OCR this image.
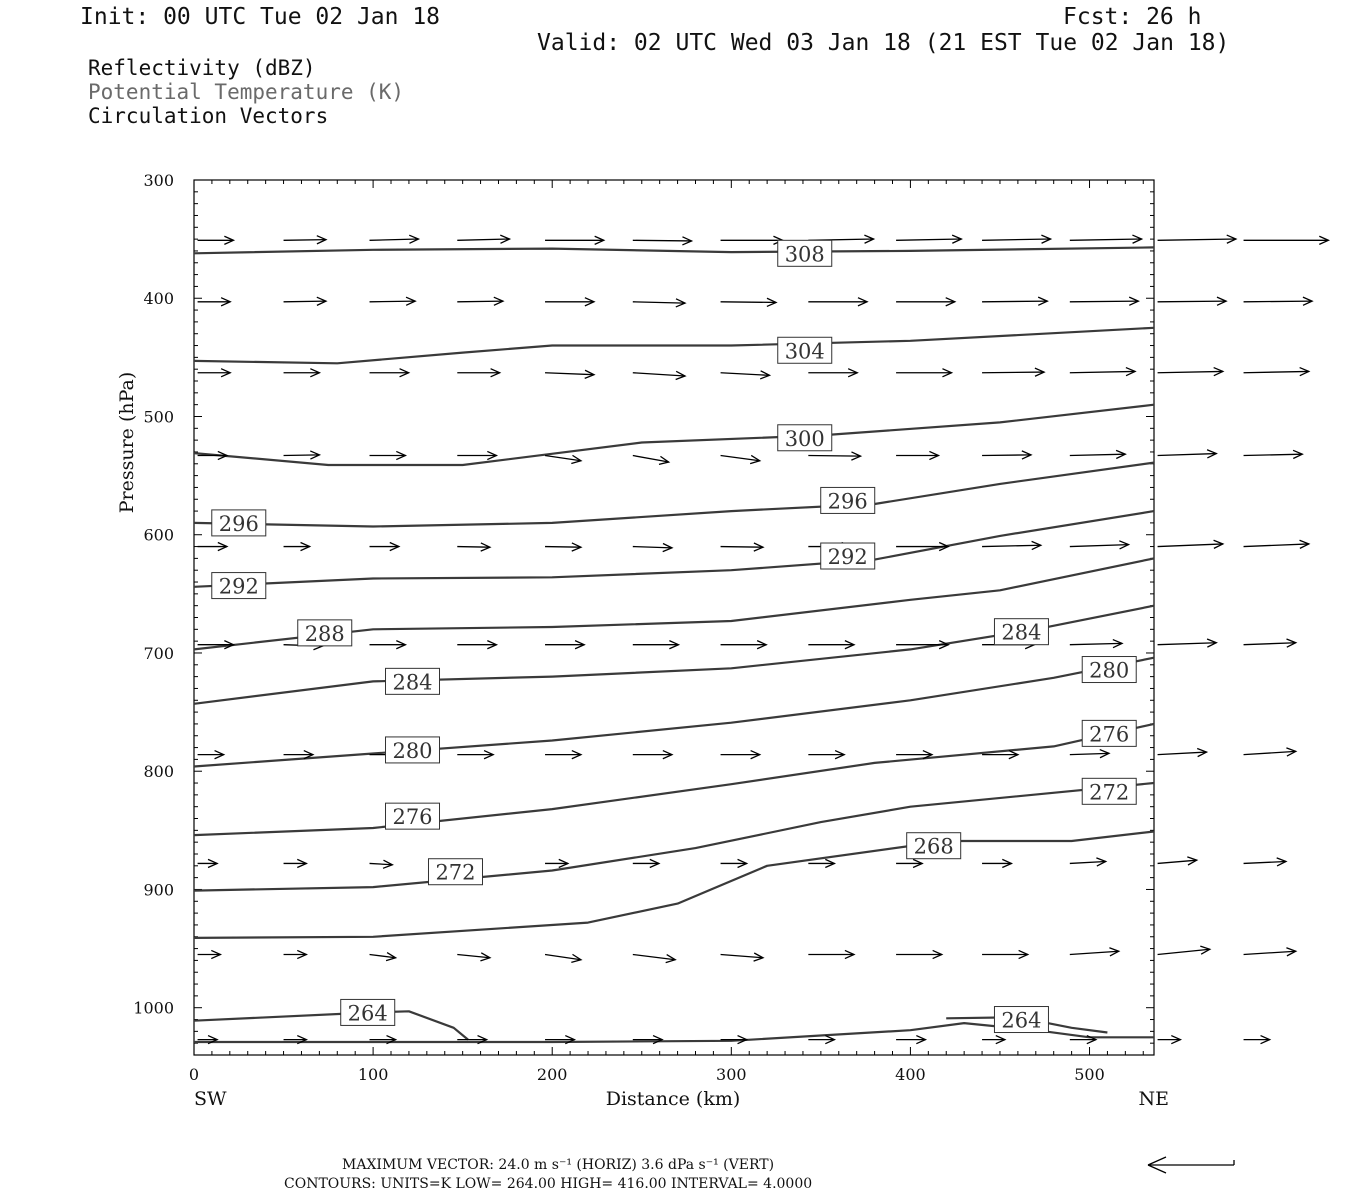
Init: 00 UTC Tue 02 Jan 18	Fcst: 26 h
Valid: 02 UTC Wed 03 Jan 18 (21 EST Tue 02 Jan 18)
Reflectivity (dBZ)
Potential Temperature (K)
Circulation Vectors
308
304
300
296
292
296
292
288
284
280
276
272
268
264
284
280
276
272
264
0	100	200	300	400	500
300
400
500
600
700
800
900
1000
Distance (km)
Pressure (hPa)
SW	NE
MAXIMUM VECTOR: 24.0 m s⁻¹ (HORIZ) 3.6 dPa s⁻¹ (VERT)
CONTOURS: UNITS=K LOW= 264.00 HIGH= 416.00 INTERVAL= 4.0000
